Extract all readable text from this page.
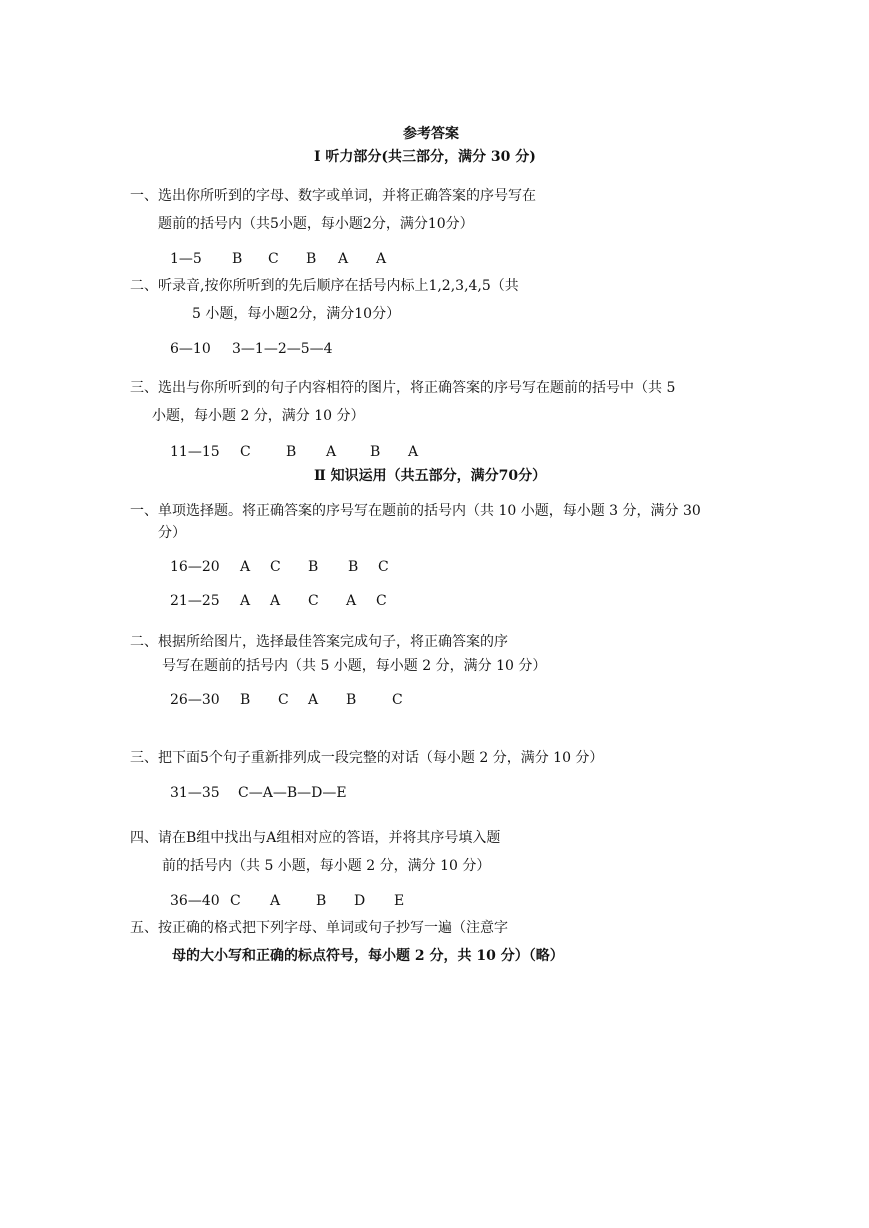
参考答案
Ⅰ 听力部分(共三部分，满分 30 分)
一、选出你所听到的字母、数字或单词，并将正确答案的序号写在
题前的括号内（共5小题，每小题2分，满分10分）
1—5 B C B A A
二、听录音,按你所听到的先后顺序在括号内标上1,2,3,4,5（共
5 小题，每小题2分，满分10分）
6—10 3—1—2—5—4
三、选出与你所听到的句子内容相符的图片，将正确答案的序号写在题前的括号中（共 5
小题，每小题 2 分，满分 10 分）
11—15 C	B A B A
Ⅱ 知识运用（共五部分，满分70分）
一、单项选择题。将正确答案的序号写在题前的括号内（共 10 小题，每小题 3 分，满分 30
分）
16—20 A C B B C
21—25 A A C A C
二、根据所给图片，选择最佳答案完成句子，将正确答案的序
号写在题前的括号内（共 5 小题，每小题 2 分，满分 10 分）
26—30 B C A B	C
三、把下面5个句子重新排列成一段完整的对话（每小题 2 分，满分 10 分）
31—35 C—A—B—D—E
四、请在B组中找出与A组相对应的答语，并将其序号填入题
前的括号内（共 5 小题，每小题 2 分，满分 10 分）
36—40 C A	B D E
五、按正确的格式把下列字母、单词或句子抄写一遍（注意字
母的大小写和正确的标点符号，每小题 2 分，共 10 分）（略）
